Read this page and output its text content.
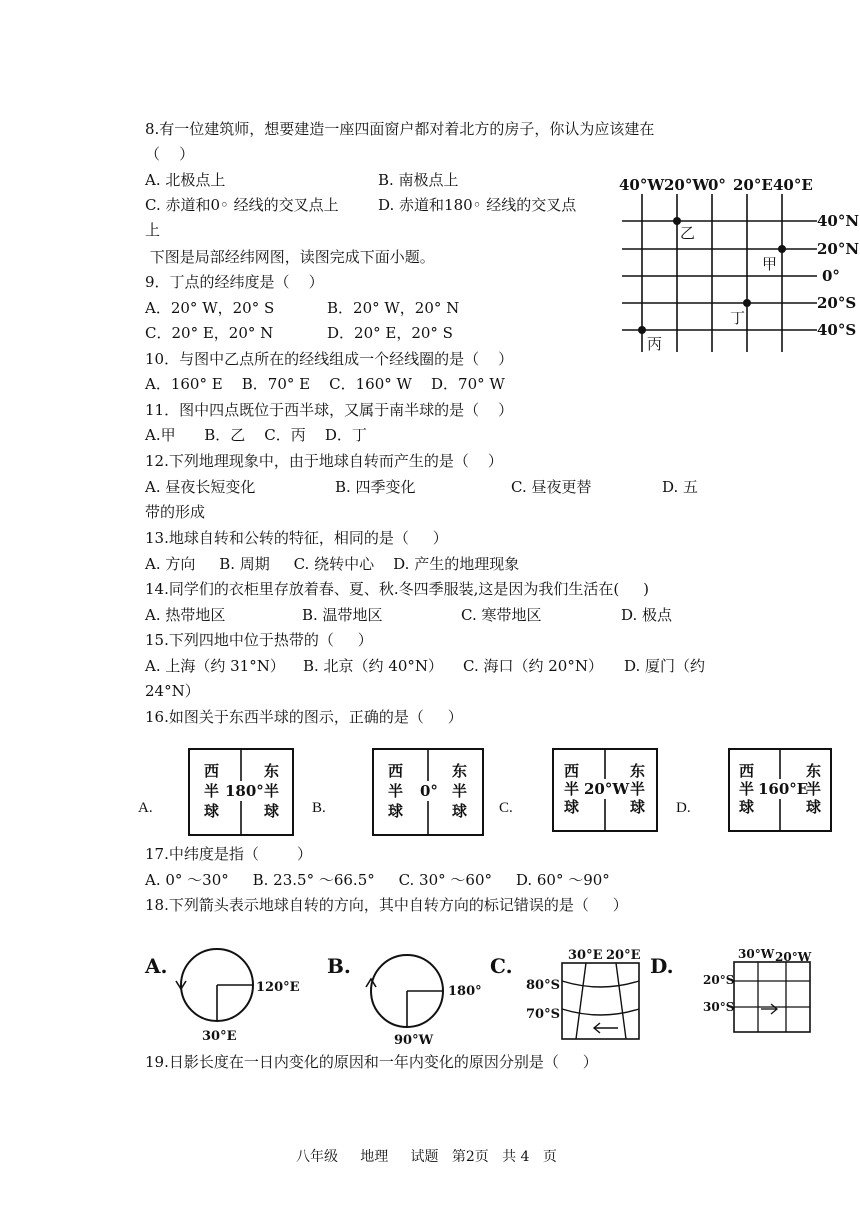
8.有一位建筑师，想要建造一座四面窗户都对着北方的房子，你认为应该建在
（    ）
A. 北极点上	B. 南极点上
C. 赤道和0◦ 经线的交叉点上	D. 赤道和180◦ 经线的交叉点
上
下图是局部经纬网图，读图完成下面小题。
40°W 20°W
0° 20°E 40°E
40°N
20°N
0°
20°S
40°S
甲
乙
丙
丁
9．丁点的经纬度是（    ）
A．20° W，20° S	B．20° W，20° N
C．20° E，20° N	D．20° E，20° S
10．与图中乙点所在的经线组成一个经线圈的是（    ）
A．160° E    B．70° E    C．160° W    D．70° W
11．图中四点既位于西半球，又属于南半球的是（    ）
A.甲      B．乙    C．丙    D．丁
12.下列地理现象中，由于地球自转而产生的是（    ）
A. 昼夜长短变化	B. 四季变化	C. 昼夜更替	D. 五
带的形成
13.地球自转和公转的特征，相同的是（     ）
A. 方向     B. 周期     C. 绕转中心    D. 产生的地理现象
14.同学们的衣柜里存放着春、夏、秋.冬四季服装,这是因为我们生活在(     )
A. 热带地区	B. 温带地区	C. 寒带地区	D. 极点
15.下列四地中位于热带的（     ）
A. 上海（约 31°N） B. 北京（约 40°N） C. 海口（约 20°N） D. 厦门（约
24°N）
16.如图关于东西半球的图示，正确的是（     ）
A.
西
半
球
东
半
球
180°
B.
西
半
球
东
半
球
0°
C.
西
半
球
东
半
球
20°W
D.
西
半
球
东
半
球
160°E
17.中纬度是指（        ）
A. 0° ～30°     B. 23.5° ～66.5°     C. 30° ～60°     D. 60° ～90°
18.下列箭头表示地球自转的方向，其中自转方向的标记错误的是（     ）
A.
120°E
30°E
B.
180°
90°W
C.	30°E 20°E
80°S
70°S
D.	30°W 20°W
20°S
30°S
19.日影长度在一日内变化的原因和一年内变化的原因分别是（     ）
八年级     地理     试题   第2页   共 4   页
